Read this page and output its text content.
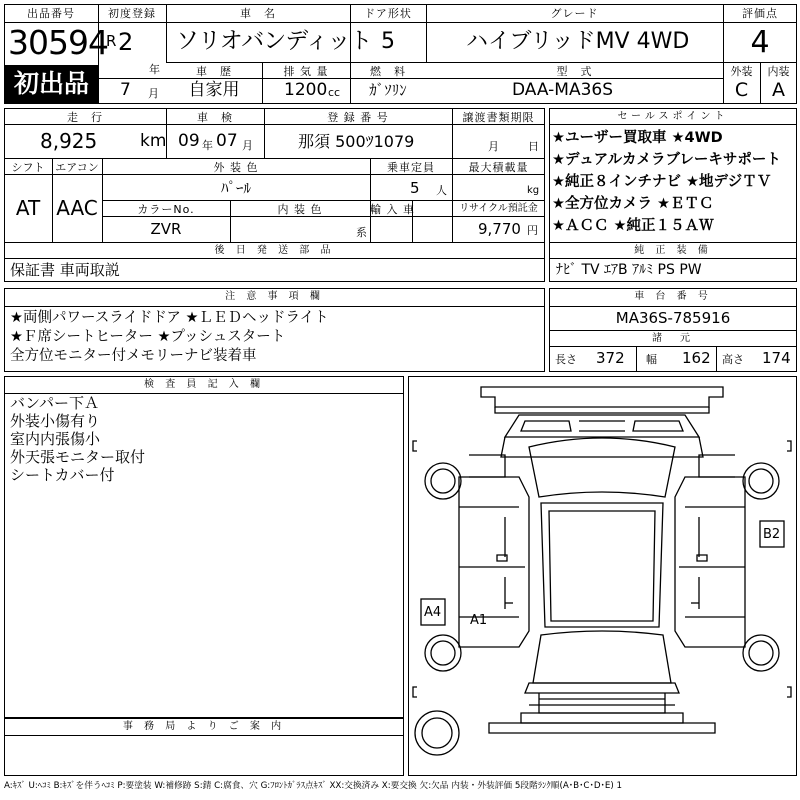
出品番号
30594
初出品
初度登録
R 2
年
7 月
車　名
ソリオバンディット
ドア形状
5
グレード
ハイブリッドMV 4WD
評価点
4
外装	内装
C	A
車　歴
自家用
排 気 量
1200 cc
燃　料
ｶﾞｿﾘﾝ
型　式
DAA-MA36S
走　行
8,925	km
車　検
09 年 07 月
登 録 番 号
那須 500ﾂ1079
譲渡書類期限
月	日
シフト エアコン
AT AAC
外 装 色
ﾊﾟｰﾙ
乗車定員
5 人
最大積載量
kg
カラーNo.
ZVR
内 装 色
系
輸 入 車	リサイクル預託金
9,770 円
後 日 発 送 部 品
保証書 車両取説
セールスポイント
★ユーザー買取車 ★4WD
★デュアルカメラブレーキサポート
★純正８インチナビ ★地デジＴＶ
★全方位カメラ ★ＥＴＣ
★ＡＣＣ ★純正１５ＡＷ
純 正 装 備
ﾅﾋﾞ TV ｴｱB ｱﾙﾐ PS PW
注 意 事 項 欄
★両側パワースライドドア ★ＬＥＤヘッドライト
★Ｆ席シートヒーター ★プッシュスタート
全方位モニター付メモリーナビ装着車
車 台 番 号
MA36S-785916
諸　元
長さ 372 幅 162 高さ 174
検 査 員 記 入 欄
バンパー下Ａ
外装小傷有り
室内内張傷小
外天張モニター取付
シートカバー付
事 務 局 よ り ご 案 内
A1
A4
B2
A:ｷｽﾞ U:ﾍｺﾐ B:ｷｽﾞを伴うﾍｺﾐ P:要塗装 W:補修跡 S:錆 C:腐食、穴 G:ﾌﾛﾝﾄｶﾞﾗｽ点ｷｽﾞ XX:交換済み X:要交換 欠:欠品 内装・外装評価 5段階ﾗﾝｸ順(A･B･C･D･E) 1
